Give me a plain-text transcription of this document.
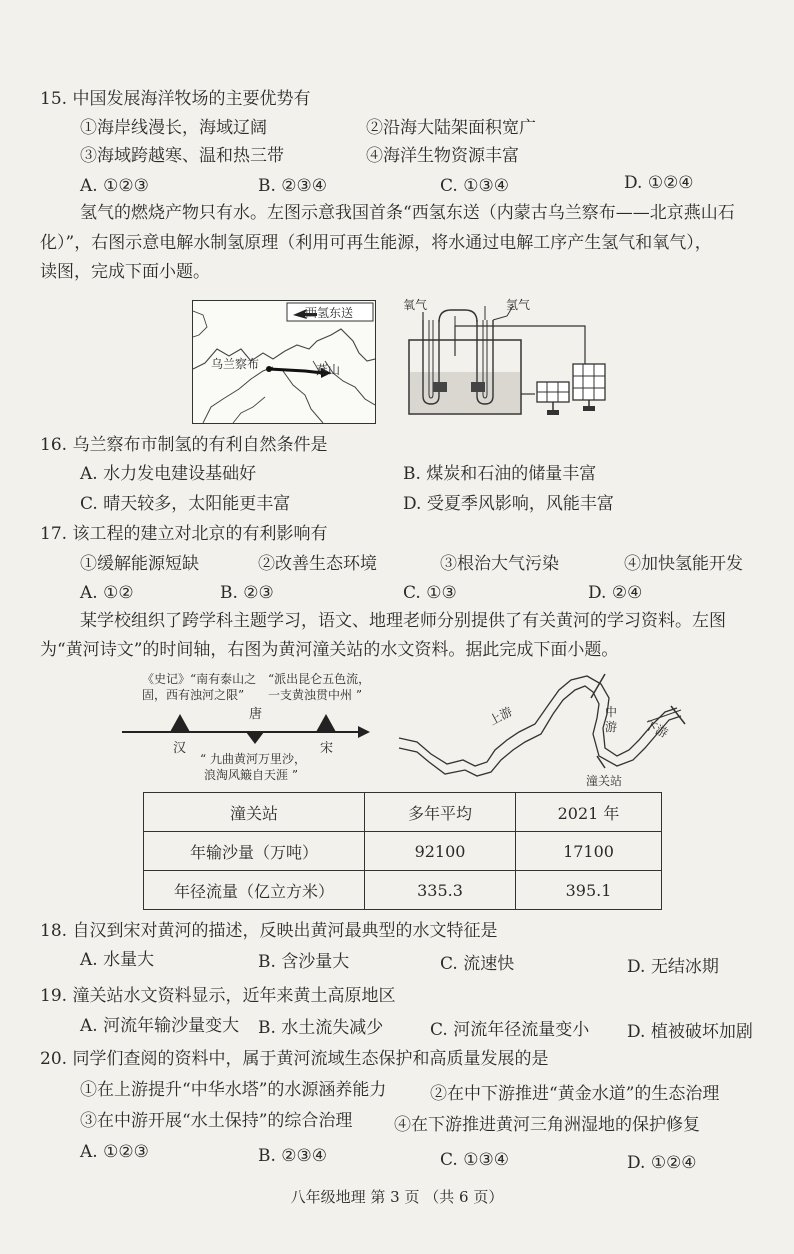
15. 中国发展海洋牧场的主要优势有
①海岸线漫长，海域辽阔	②沿海大陆架面积宽广
③海域跨越寒、温和热三带	④海洋生物资源丰富
A. ①②③	B. ②③④	C. ①③④	D. ①②④
氢气的燃烧产物只有水。左图示意我国首条“西氢东送（内蒙古乌兰察布——北京燕山石
化）”，右图示意电解水制氢原理（利用可再生能源，将水通过电解工序产生氢气和氧气），
读图，完成下面小题。
西氢东送
乌兰察布	燕山
氧气	氢气
16. 乌兰察布市制氢的有利自然条件是
A. 水力发电建设基础好	B. 煤炭和石油的储量丰富
C. 晴天较多，太阳能更丰富	D. 受夏季风影响，风能丰富
17. 该工程的建立对北京的有利影响有
①缓解能源短缺	②改善生态环境	③根治大气污染	④加快氢能开发
A. ①②	B. ②③	C. ①③	D. ②④
某学校组织了跨学科主题学习，语文、地理老师分别提供了有关黄河的学习资料。左图
为“黄河诗文”的时间轴，右图为黄河潼关站的水文资料。据此完成下面小题。
《史记》“南有泰山之
固，西有浊河之限”
“派出昆仑五色流，
一支黄浊贯中州 ”
汉
唐
宋
“ 九曲黄河万里沙，
浪淘风簸自天涯 ”
上游	中
游 下游
潼关站
潼关站	多年平均	2021 年
年输沙量（万吨）	92100	17100
年径流量（亿立方米）	335.3	395.1
18. 自汉到宋对黄河的描述，反映出黄河最典型的水文特征是
A. 水量大	B. 含沙量大	C. 流速快	D. 无结冰期
19. 潼关站水文资料显示，近年来黄土高原地区
A. 河流年输沙量变大 B. 水土流失减少	C. 河流年径流量变小 D. 植被破坏加剧
20. 同学们查阅的资料中，属于黄河流域生态保护和高质量发展的是
①在上游提升“中华水塔”的水源涵养能力	②在中下游推进“黄金水道”的生态治理
③在中游开展“水土保持”的综合治理 ④在下游推进黄河三角洲湿地的保护修复
A. ①②③	B. ②③④	C. ①③④	D. ①②④
八年级地理 第 3 页 （共 6 页）
